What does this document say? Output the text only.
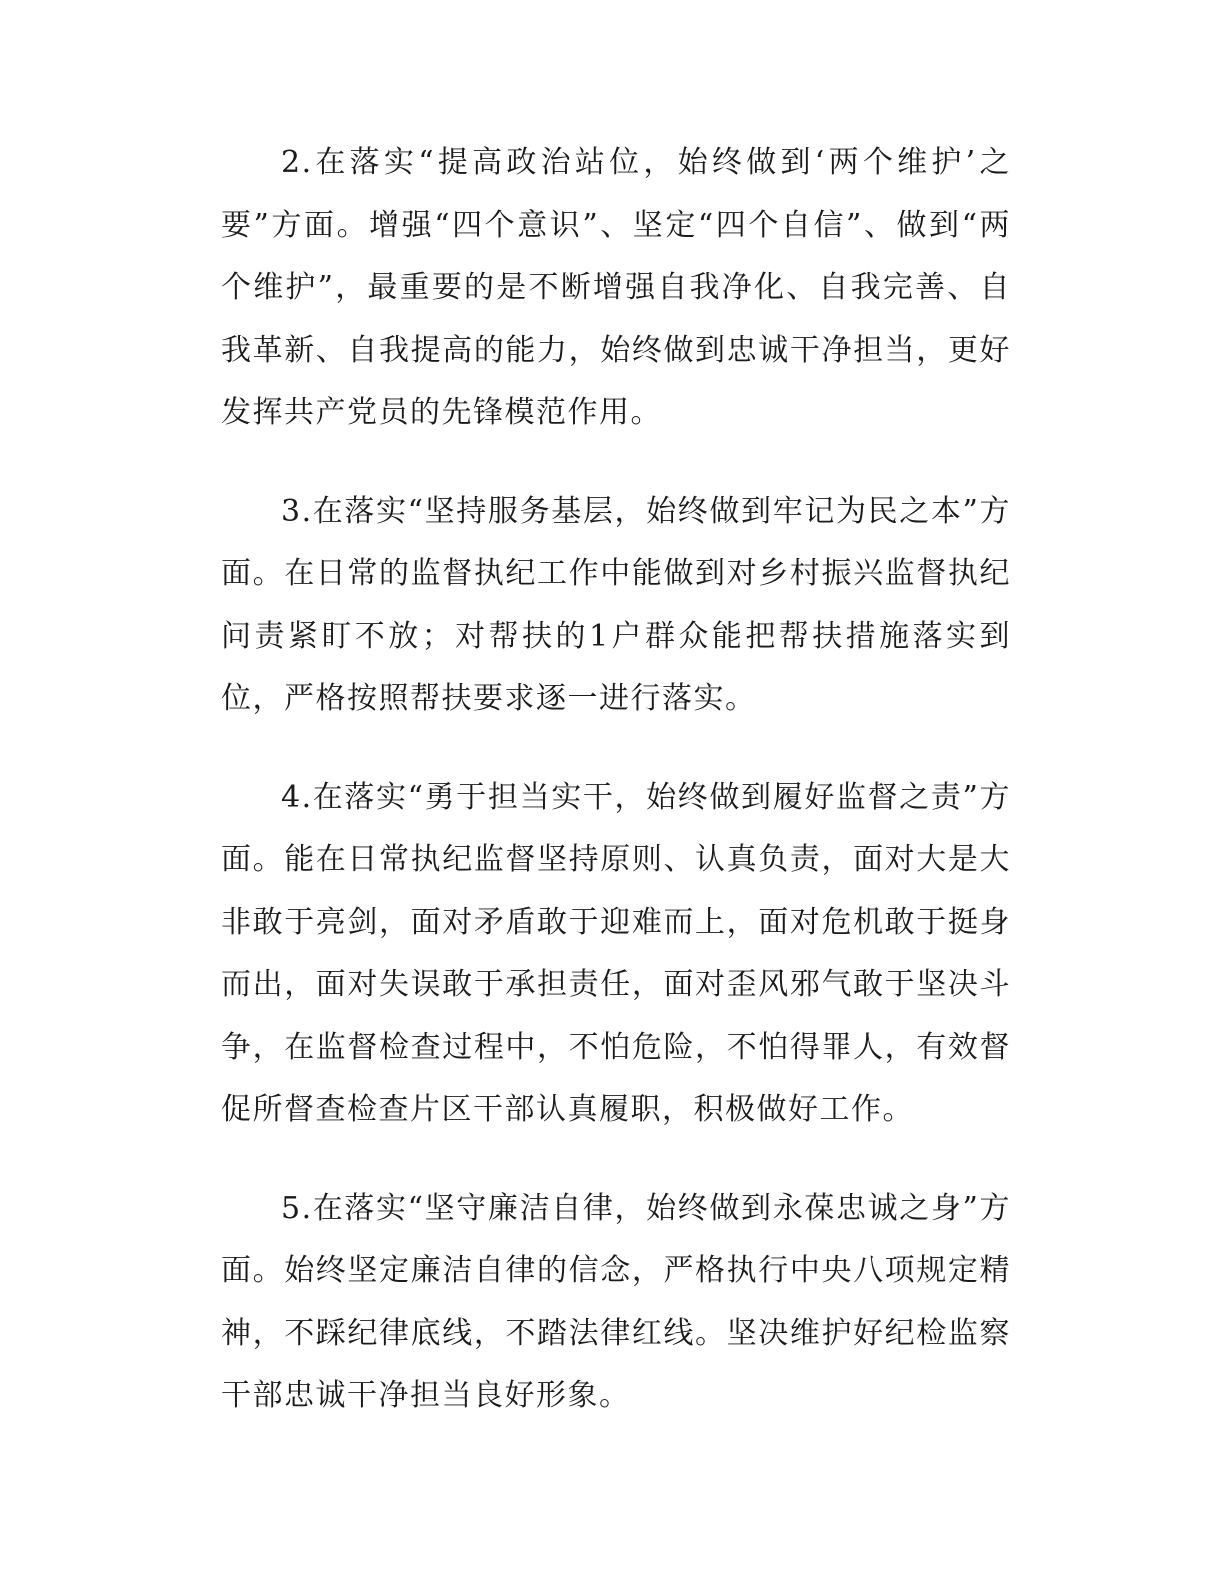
2.在落实“提高政治站位，始终做到‘两个维护’之要”方面。增强“四个意识”、坚定“四个自信”、做到“两个维护”，最重要的是不断增强自我净化、自我完善、自我革新、自我提高的能力，始终做到忠诚干净担当，更好发挥共产党员的先锋模范作用。

3.在落实“坚持服务基层，始终做到牢记为民之本”方面。在日常的监督执纪工作中能做到对乡村振兴监督执纪问责紧盯不放；对帮扶的1户群众能把帮扶措施落实到位，严格按照帮扶要求逐一进行落实。

4.在落实“勇于担当实干，始终做到履好监督之责”方面。能在日常执纪监督坚持原则、认真负责，面对大是大非敢于亮剑，面对矛盾敢于迎难而上，面对危机敢于挺身而出，面对失误敢于承担责任，面对歪风邪气敢于坚决斗争，在监督检查过程中，不怕危险，不怕得罪人，有效督促所督查检查片区干部认真履职，积极做好工作。

5.在落实“坚守廉洁自律，始终做到永葆忠诚之身”方面。始终坚定廉洁自律的信念，严格执行中央八项规定精神，不踩纪律底线，不踏法律红线。坚决维护好纪检监察干部忠诚干净担当良好形象。
